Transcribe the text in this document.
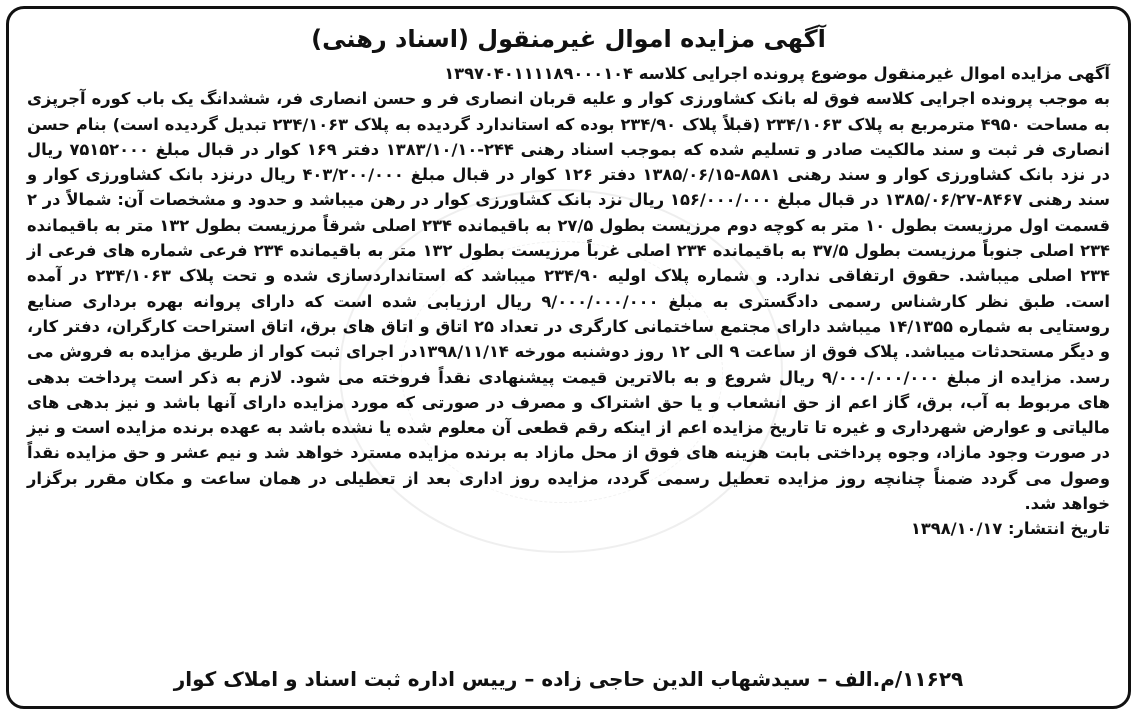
آگهی مزایده اموال غیرمنقول (اسناد رهنی)

آگهی مزایده اموال غیرمنقول موضوع پرونده اجرایی کلاسه ۱۳۹۷۰۴۰۱۱۱۱۸۹۰۰۰۱۰۴

به موجب پرونده اجرایی کلاسه فوق له بانک کشاورزی کوار و علیه قربان انصاری فر و حسن انصاری فر، ششدانگ یک باب کوره آجرپزی به مساحت ۴۹۵۰ مترمربع به پلاک ۲۳۴/۱۰۶۳ (قبلاً پلاک ۲۳۴/۹۰ بوده که استاندارد گردیده به پلاک ۲۳۴/۱۰۶۳ تبدیل گردیده است) بنام حسن انصاری فر ثبت و سند مالکیت صادر و تسلیم شده که بموجب اسناد رهنی ۲۴۴-۱۳۸۳/۱۰/۱۰ دفتر ۱۶۹ کوار در قبال مبلغ ۷۵۱۵۲۰۰۰ ریال در نزد بانک کشاورزی کوار و سند رهنی ۸۵۸۱-۱۳۸۵/۰۶/۱۵ دفتر ۱۲۶ کوار در قبال مبلغ ۴۰۳/۲۰۰/۰۰۰ ریال درنزد بانک کشاورزی کوار و سند رهنی ۸۴۶۷-۱۳۸۵/۰۶/۲۷ در قبال مبلغ ۱۵۶/۰۰۰/۰۰۰ ریال نزد بانک کشاورزی کوار در رهن میباشد و حدود و مشخصات آن: شمالاً در ۲ قسمت اول مرزیست بطول ۱۰ متر به کوچه دوم مرزیست بطول ۲۷/۵ به باقیمانده ۲۳۴ اصلی شرقاً مرزیست بطول ۱۳۲ متر به باقیمانده ۲۳۴ اصلی جنوباً مرزیست بطول ۳۷/۵ به باقیمانده ۲۳۴ اصلی غرباً مرزیست بطول ۱۳۲ متر به باقیمانده ۲۳۴ فرعی شماره های فرعی از ۲۳۴ اصلی میباشد. حقوق ارتفاقی ندارد. و شماره پلاک اولیه ۲۳۴/۹۰ میباشد که استانداردسازی شده و تحت پلاک ۲۳۴/۱۰۶۳ در آمده است. طبق نظر کارشناس رسمی دادگستری به مبلغ ۹/۰۰۰/۰۰۰/۰۰۰ ریال ارزیابی شده است که دارای پروانه بهره برداری صنایع روستایی به شماره ۱۴/۱۳۵۵ میباشد دارای مجتمع ساختمانی کارگری در تعداد ۲۵ اتاق و اتاق های برق، اتاق استراحت کارگران، دفتر کار، و دیگر مستحدثات میباشد. پلاک فوق از ساعت ۹ الی ۱۲ روز دوشنبه مورخه ۱۳۹۸/۱۱/۱۴در اجرای ثبت کوار از طریق مزایده به فروش می رسد. مزایده از مبلغ ۹/۰۰۰/۰۰۰/۰۰۰ ریال شروع و به بالاترین قیمت پیشنهادی نقداً فروخته می شود. لازم به ذکر است پرداخت بدهی های مربوط به آب، برق، گاز اعم از حق انشعاب و یا حق اشتراک و مصرف در صورتی که مورد مزایده دارای آنها باشد و نیز بدهی های مالیاتی و عوارض شهرداری و غیره تا تاریخ مزایده اعم از اینکه رقم قطعی آن معلوم شده یا نشده باشد به عهده برنده مزایده است و نیز در صورت وجود مازاد، وجوه پرداختی بابت هزینه های فوق از محل مازاد به برنده مزایده مسترد خواهد شد و نیم عشر و حق مزایده نقداً وصول می گردد ضمناً چنانچه روز مزایده تعطیل رسمی گردد، مزایده روز اداری بعد از تعطیلی در همان ساعت و مکان مقرر برگزار خواهد شد.

تاریخ انتشار: ۱۳۹۸/۱۰/۱۷

۱۱۶۲۹/م.الف – سیدشهاب الدین حاجی زاده – رییس اداره ثبت اسناد و املاک کوار
